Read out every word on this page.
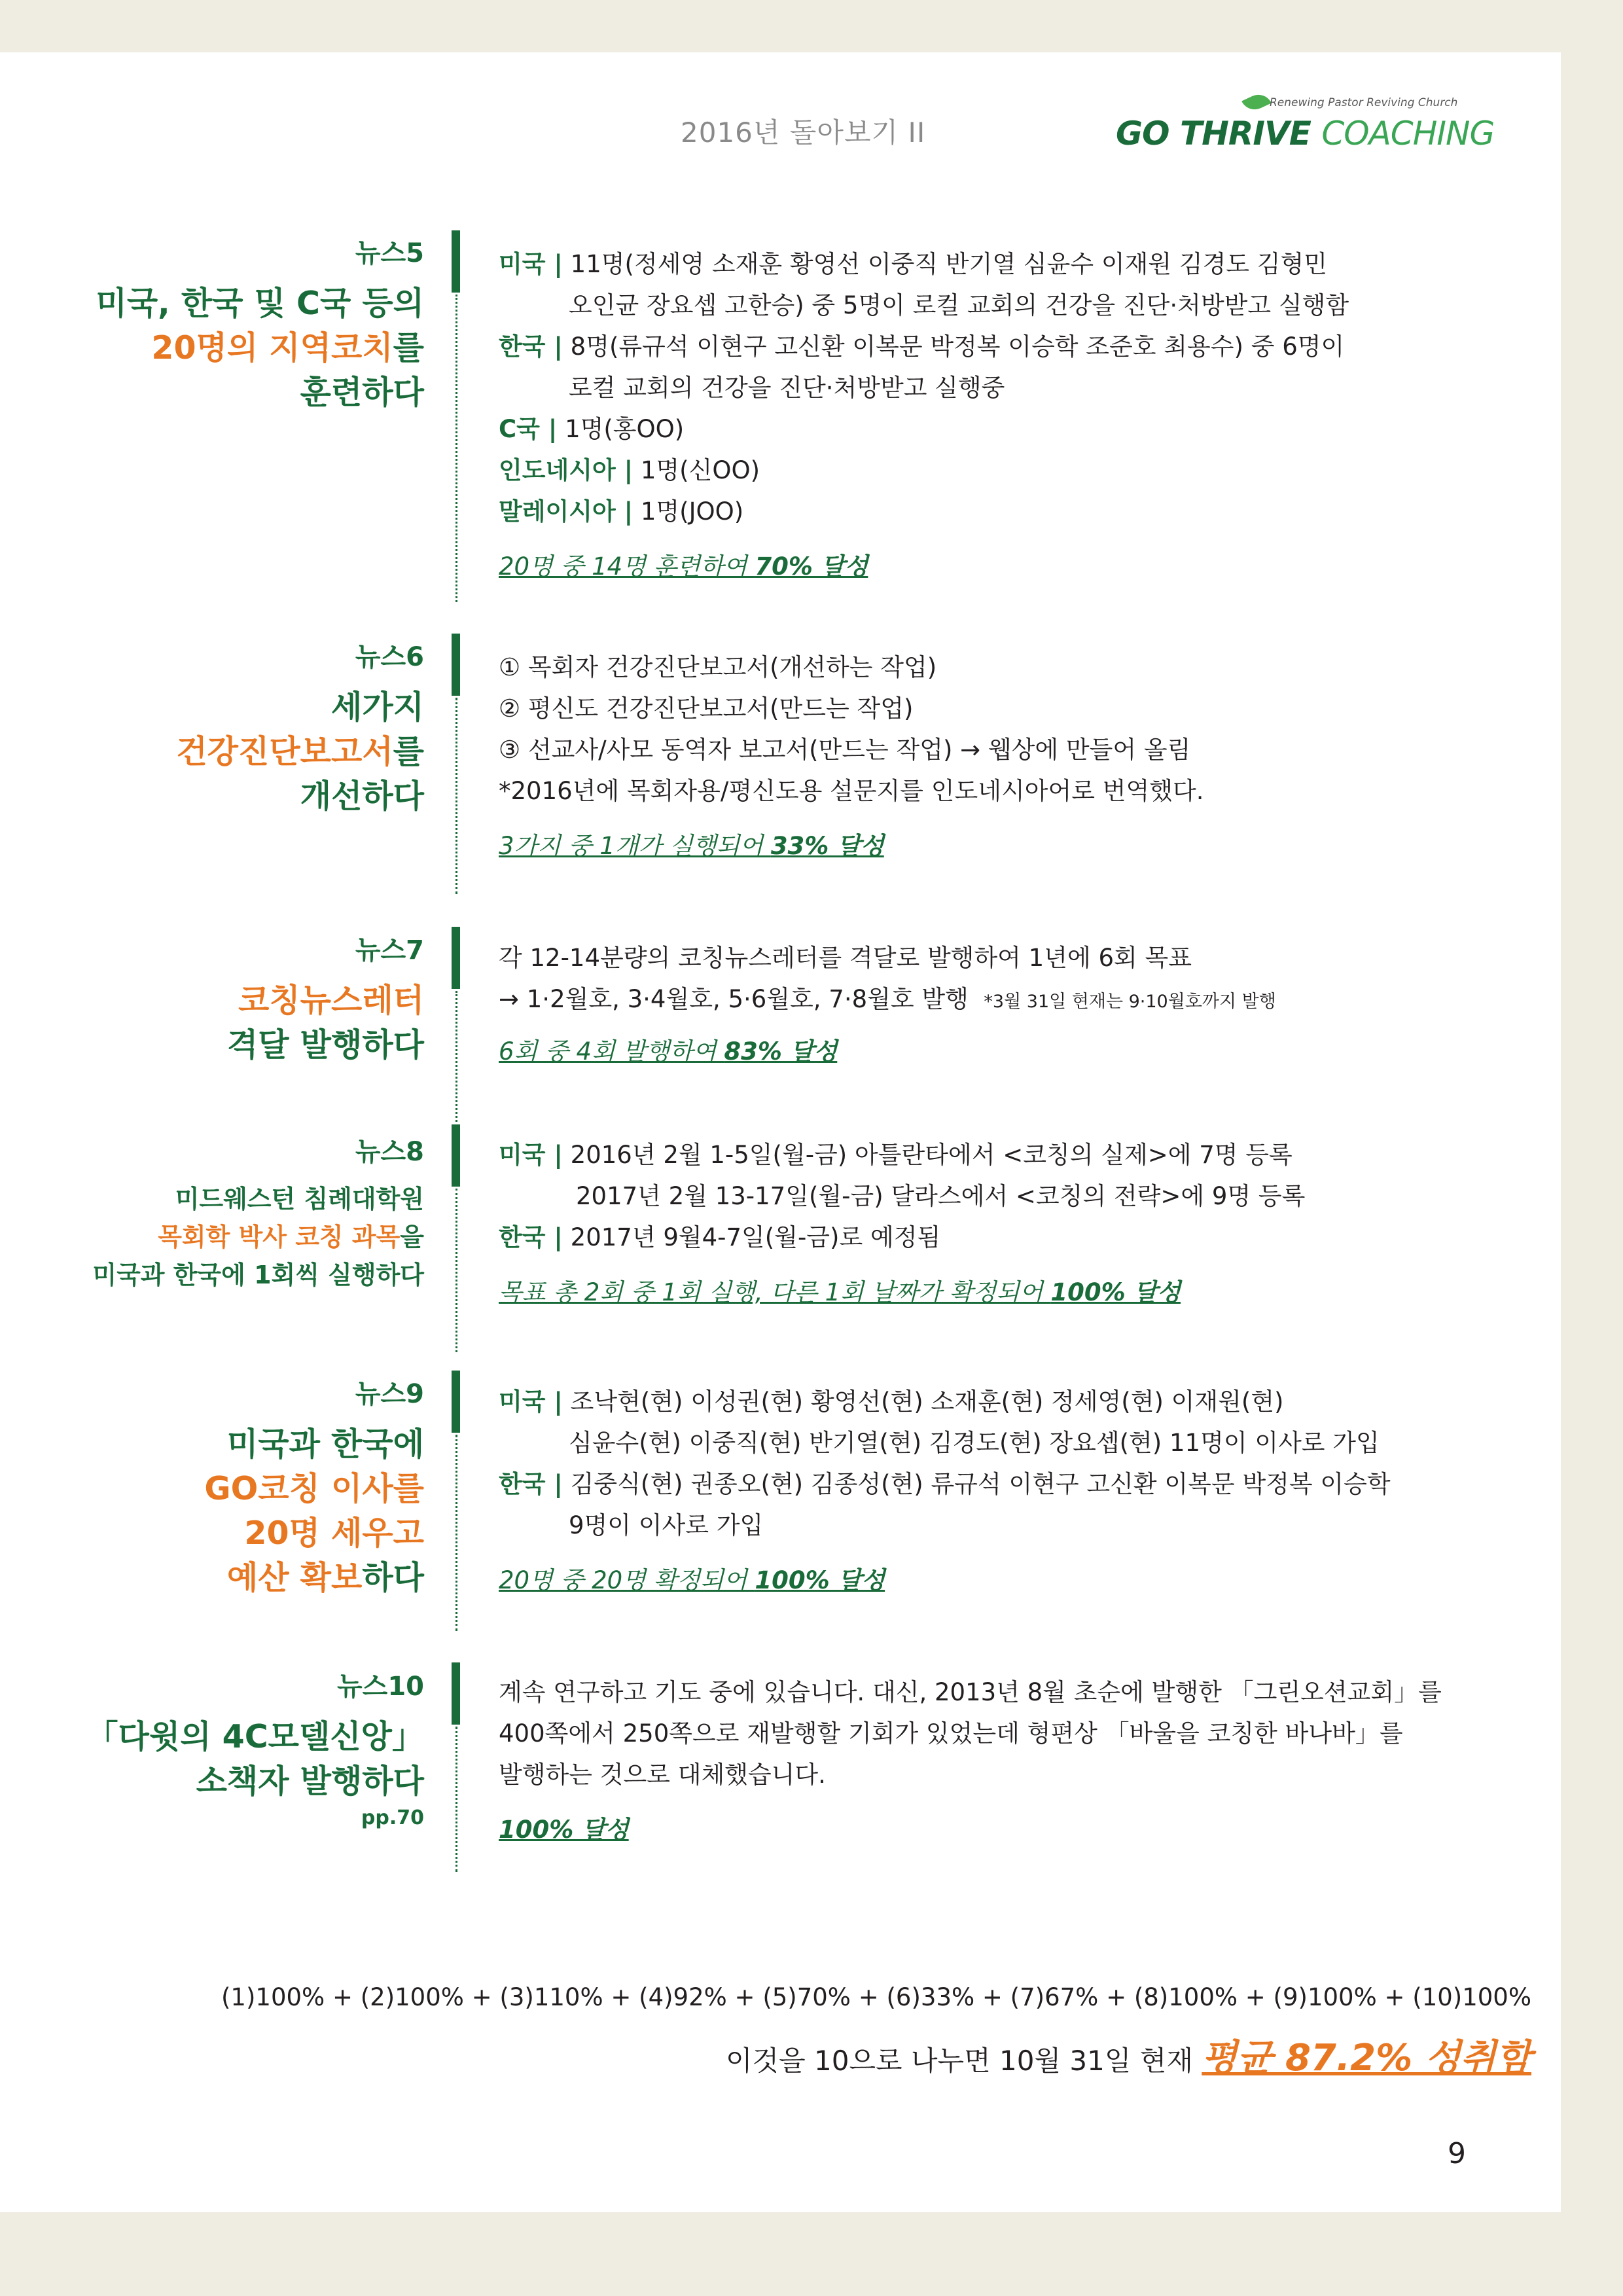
2016년 돌아보기 II
Renewing Pastor Reviving Church
GO THRIVE COACHING
뉴스5
미국, 한국 및 C국 등의
20명의 지역코치를
훈련하다
미국 | 11명(정세영 소재훈 황영선 이중직 반기열 심윤수 이재원 김경도 김형민
오인균 장요셉 고한승) 중 5명이 로컬 교회의 건강을 진단·처방받고 실행함
한국 | 8명(류규석 이현구 고신환 이복문 박정복 이승학 조준호 최용수) 중 6명이
로컬 교회의 건강을 진단·처방받고 실행중
C국 | 1명(홍OO)
인도네시아 | 1명(신OO)
말레이시아 | 1명(JOO)
20명 중 14명 훈련하여 70% 달성
뉴스6
세가지
건강진단보고서를
개선하다
① 목회자 건강진단보고서(개선하는 작업)
② 평신도 건강진단보고서(만드는 작업)
③ 선교사/사모 동역자 보고서(만드는 작업) → 웹상에 만들어 올림
*2016년에 목회자용/평신도용 설문지를 인도네시아어로 번역했다.
3가지 중 1개가 실행되어 33% 달성
뉴스7
코칭뉴스레터
격달 발행하다
각 12-14분량의 코칭뉴스레터를 격달로 발행하여 1년에 6회 목표
→ 1·2월호, 3·4월호, 5·6월호, 7·8월호 발행 *3월 31일 현재는 9·10월호까지 발행
6회 중 4회 발행하여 83% 달성
뉴스8
미드웨스턴 침례대학원
목회학 박사 코칭 과목을
미국과 한국에 1회씩 실행하다
미국 | 2016년 2월 1-5일(월-금) 아틀란타에서 <코칭의 실제>에 7명 등록
2017년 2월 13-17일(월-금) 달라스에서 <코칭의 전략>에 9명 등록
한국 | 2017년 9월4-7일(월-금)로 예정됨
목표 총 2회 중 1회 실행, 다른 1회 날짜가 확정되어 100% 달성
뉴스9
미국과 한국에
GO코칭 이사를
20명 세우고
예산 확보하다
미국 | 조낙현(현) 이성권(현) 황영선(현) 소재훈(현) 정세영(현) 이재원(현)
심윤수(현) 이중직(현) 반기열(현) 김경도(현) 장요셉(현) 11명이 이사로 가입
한국 | 김중식(현) 권종오(현) 김종성(현) 류규석 이현구 고신환 이복문 박정복 이승학
9명이 이사로 가입
20명 중 20명 확정되어 100% 달성
뉴스10
「다윗의 4C모델신앙」
소책자 발행하다
pp.70
계속 연구하고 기도 중에 있습니다. 대신, 2013년 8월 초순에 발행한 「그린오션교회」를
400쪽에서 250쪽으로 재발행할 기회가 있었는데 형편상 「바울을 코칭한 바나바」를
발행하는 것으로 대체했습니다.
100% 달성
(1)100% + (2)100% + (3)110% + (4)92% + (5)70% + (6)33% + (7)67% + (8)100% + (9)100% + (10)100%
이것을 10으로 나누면 10월 31일 현재 평균 87.2% 성취함
9
